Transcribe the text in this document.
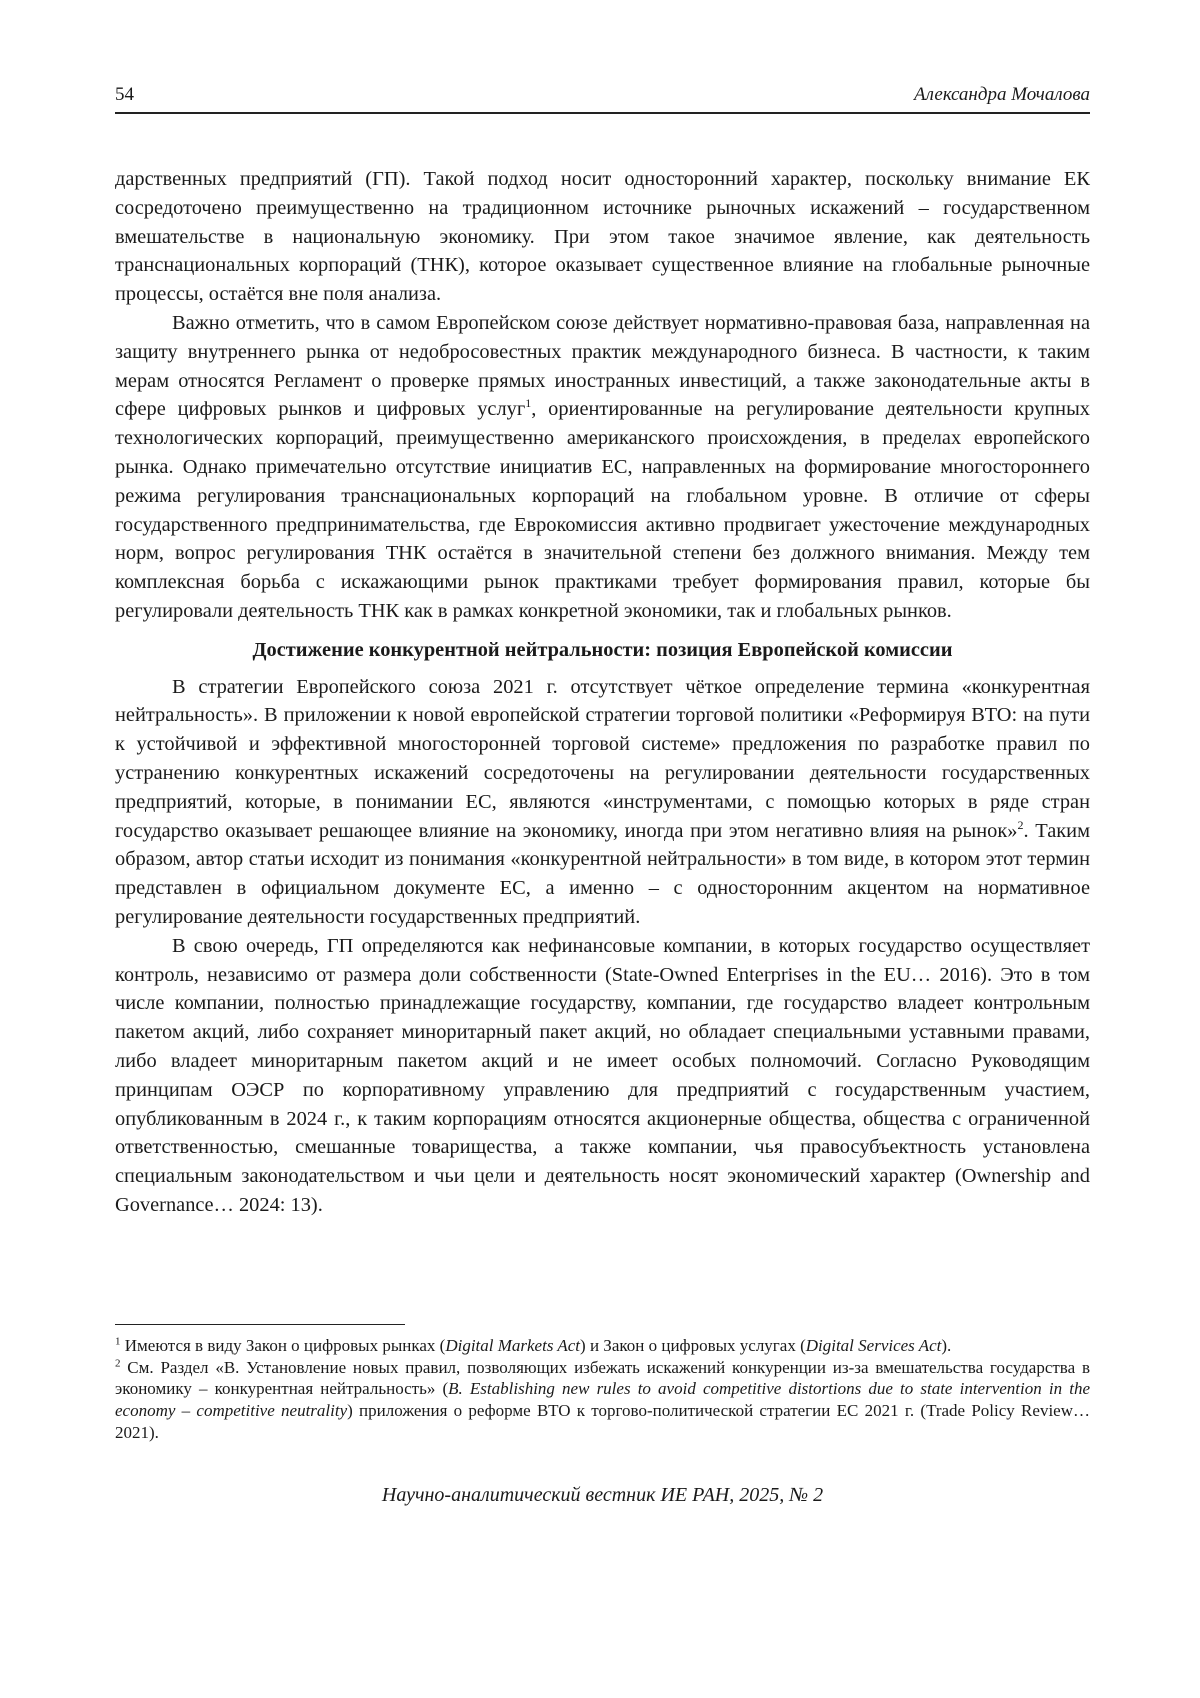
54	Александра Мочалова

дарственных предприятий (ГП). Такой подход носит односторонний характер, поскольку внимание ЕК сосредоточено преимущественно на традиционном источнике рыночных искажений – государственном вмешательстве в национальную экономику. При этом такое значимое явление, как деятельность транснациональных корпораций (ТНК), которое оказывает существенное влияние на глобальные рыночные процессы, остаётся вне поля анализа.

Важно отметить, что в самом Европейском союзе действует нормативно-правовая база, направленная на защиту внутреннего рынка от недобросовестных практик международного бизнеса. В частности, к таким мерам относятся Регламент о проверке прямых иностранных инвестиций, а также законодательные акты в сфере цифровых рынков и цифровых услуг$^1$, ориентированные на регулирование деятельности крупных технологических корпораций, преимущественно американского происхождения, в пределах европейского рынка. Однако примечательно отсутствие инициатив ЕС, направленных на формирование многостороннего режима регулирования транснациональных корпораций на глобальном уровне. В отличие от сферы государственного предпринимательства, где Еврокомиссия активно продвигает ужесточение международных норм, вопрос регулирования ТНК остаётся в значительной степени без должного внимания. Между тем комплексная борьба с искажающими рынок практиками требует формирования правил, которые бы регулировали деятельность ТНК как в рамках конкретной экономики, так и глобальных рынков.

Достижение конкурентной нейтральности: позиция Европейской комиссии

В стратегии Европейского союза 2021 г. отсутствует чёткое определение термина «конкурентная нейтральность». В приложении к новой европейской стратегии торговой политики «Реформируя ВТО: на пути к устойчивой и эффективной многосторонней торговой системе» предложения по разработке правил по устранению конкурентных искажений сосредоточены на регулировании деятельности государственных предприятий, которые, в понимании ЕС, являются «инструментами, с помощью которых в ряде стран государство оказывает решающее влияние на экономику, иногда при этом негативно влияя на рынок»$^2$. Таким образом, автор статьи исходит из понимания «конкурентной нейтральности» в том виде, в котором этот термин представлен в официальном документе ЕС, а именно – с односторонним акцентом на нормативное регулирование деятельности государственных предприятий.

В свою очередь, ГП определяются как нефинансовые компании, в которых государство осуществляет контроль, независимо от размера доли собственности (State-Owned Enterprises in the EU… 2016). Это в том числе компании, полностью принадлежащие государству, компании, где государство владеет контрольным пакетом акций, либо сохраняет миноритарный пакет акций, но обладает специальными уставными правами, либо владеет миноритарным пакетом акций и не имеет особых полномочий. Согласно Руководящим принципам ОЭСР по корпоративному управлению для предприятий с государственным участием, опубликованным в 2024 г., к таким корпорациям относятся акционерные общества, общества с ограниченной ответственностью, смешанные товарищества, а также компании, чья правосубъектность установлена специальным законодательством и чьи цели и деятельность носят экономический характер (Ownership and Governance… 2024: 13).

$^1$ Имеются в виду Закон о цифровых рынках (Digital Markets Act) и Закон о цифровых услугах (Digital Services Act).

$^2$ См. Раздел «B. Установление новых правил, позволяющих избежать искажений конкуренции из-за вмешательства государства в экономику – конкурентная нейтральность» (B. Establishing new rules to avoid competitive distortions due to state intervention in the economy – competitive neutrality) приложения о реформе ВТО к торгово-политической стратегии ЕС 2021 г. (Trade Policy Review… 2021).

Научно-аналитический вестник ИЕ РАН, 2025, № 2
